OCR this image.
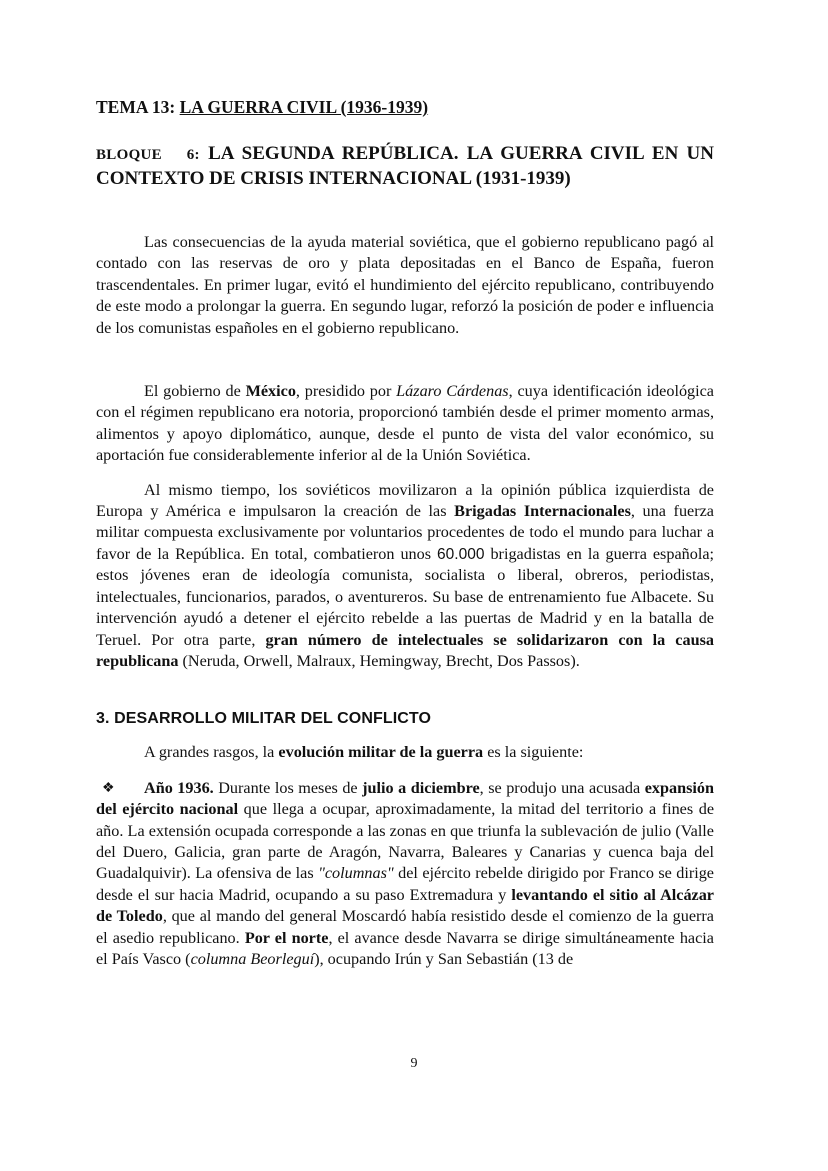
TEMA 13: LA GUERRA CIVIL (1936-1939)
BLOQUE 6: LA SEGUNDA REPÚBLICA. LA GUERRA CIVIL EN UN CONTEXTO DE CRISIS INTERNACIONAL (1931-1939)

Las consecuencias de la ayuda material soviética, que el gobierno republicano pagó al contado con las reservas de oro y plata depositadas en el Banco de España, fueron trascendentales. En primer lugar, evitó el hundimiento del ejército republicano, contribuyendo de este modo a prolongar la guerra. En segundo lugar, reforzó la posición de poder e influencia de los comunistas españoles en el gobierno republicano.

El gobierno de México, presidido por Lázaro Cárdenas, cuya identificación ideológica con el régimen republicano era notoria, proporcionó también desde el primer momento armas, alimentos y apoyo diplomático, aunque, desde el punto de vista del valor económico, su aportación fue considerablemente inferior al de la Unión Soviética.

Al mismo tiempo, los soviéticos movilizaron a la opinión pública izquierdista de Europa y América e impulsaron la creación de las Brigadas Internacionales, una fuerza militar compuesta exclusivamente por voluntarios procedentes de todo el mundo para luchar a favor de la República. En total, combatieron unos 60.000 brigadistas en la guerra española; estos jóvenes eran de ideología comunista, socialista o liberal, obreros, periodistas, intelectuales, funcionarios, parados, o aventureros. Su base de entrenamiento fue Albacete. Su intervención ayudó a detener el ejército rebelde a las puertas de Madrid y en la batalla de Teruel. Por otra parte, gran número de intelectuales se solidarizaron con la causa republicana (Neruda, Orwell, Malraux, Hemingway, Brecht, Dos Passos).

3. DESARROLLO MILITAR DEL CONFLICTO

A grandes rasgos, la evolución militar de la guerra es la siguiente:

❖ Año 1936. Durante los meses de julio a diciembre, se produjo una acusada expansión del ejército nacional que llega a ocupar, aproximadamente, la mitad del territorio a fines de año. La extensión ocupada corresponde a las zonas en que triunfa la sublevación de julio (Valle del Duero, Galicia, gran parte de Aragón, Navarra, Baleares y Canarias y cuenca baja del Guadalquivir). La ofensiva de las "columnas" del ejército rebelde dirigido por Franco se dirige desde el sur hacia Madrid, ocupando a su paso Extremadura y levantando el sitio al Alcázar de Toledo, que al mando del general Moscardó había resistido desde el comienzo de la guerra el asedio republicano. Por el norte, el avance desde Navarra se dirige simultáneamente hacia el País Vasco (columna Beorleguí), ocupando Irún y San Sebastián (13 de

9
